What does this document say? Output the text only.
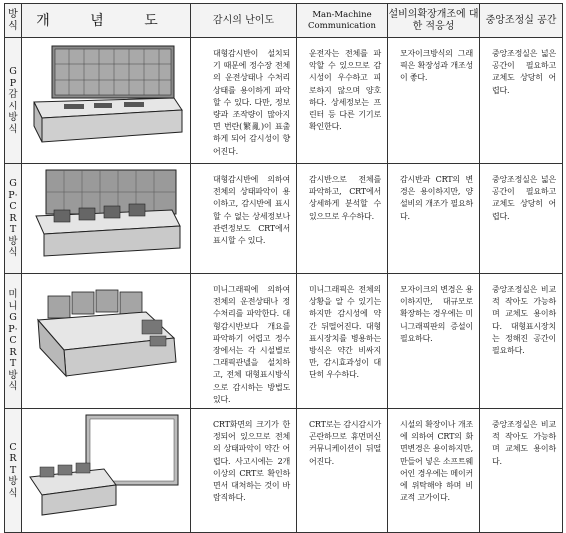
방식	개 념 도	감시의 난이도	Man-Machine Communication	설비의확장개조에 대한 적응성	중앙조정실 공간

GP감시방식		대형감시반이 설치되기 때문에 정수장 전체의 운전상태나 수처리상태를 용이하게 파악할 수 있다. 다만, 정보량과 조작량이 많아지면 번란(繁亂)이 표출하게 되어 감시성이 향어진다.	운전자는 전체를 파악할 수 있으므로 감시성이 우수하고 피로하지 않으며 양호하다. 상세정보는 프린터 등 다른 기기로 확인한다.	모자이크방식의 그래픽은 확장성과 개조성이 좋다.	중앙조정실은 넓은 공간이 필요하고 교체도 상당히 어렵다.

GP·CRT방식		대형감시반에 의하여 전체의 상태파악이 용이하고, 감시반에 표시할 수 없는 상세정보나 관련정보도 CRT에서 표시할 수 있다.	감시반으로 전체를 파악하고, CRT에서 상세하게 분석할 수 있으므로 우수하다.	감시반과 CRT의 변경은 용이하지만, 양 설비의 개조가 필요하다.	중앙조정실은 넓은 공간이 필요하고 교체도 상당히 어렵다.

미니GP·CRT방식		미니그래픽에 의하여 전체의 운전상태나 정수처리를 파악한다. 대형감시반보다 개요를 파악하기 어렵고 정수장에서는 각 시설별로 그래픽관넬을 설치하고, 전체 대형표시방식으로 감시하는 방법도 있다.	미니그래픽은 전체의 상황을 알 수 있기는 하지만 감시성에 약간 뒤떨어진다. 대형표시장치를 병용하는 방식은 약간 비싸지만, 감시효과성이 대단히 우수하다.	모자이크의 변경은 용이하지만, 대규모로 확장하는 경우에는 미니그래픽판의 증설이 필요하다.	중앙조정실은 비교적 작아도 가능하며 교체도 용이하다. 대형표시장치는 정해진 공간이 필요하다.

CRT방식		CRT화면의 크기가 한정되어 있으므로 전체의 상태파악이 약간 어렵다. 사고시에는 2개 이상의 CRT로 확인하면서 대처하는 것이 바람직하다.	CRT로는 감시감시가 곤란하므로 휴먼머신커뮤니케이션이 뒤떨어진다.	시설의 확장이나 개조에 의하여 CRT의 화면변경은 용이하지만, 만들어 넣은 소프트웨어인 경우에는 메이커에 위탁해야 하며 비교적 고가이다.	중앙조정실은 비교적 작아도 가능하며 교체도 용이하다.
